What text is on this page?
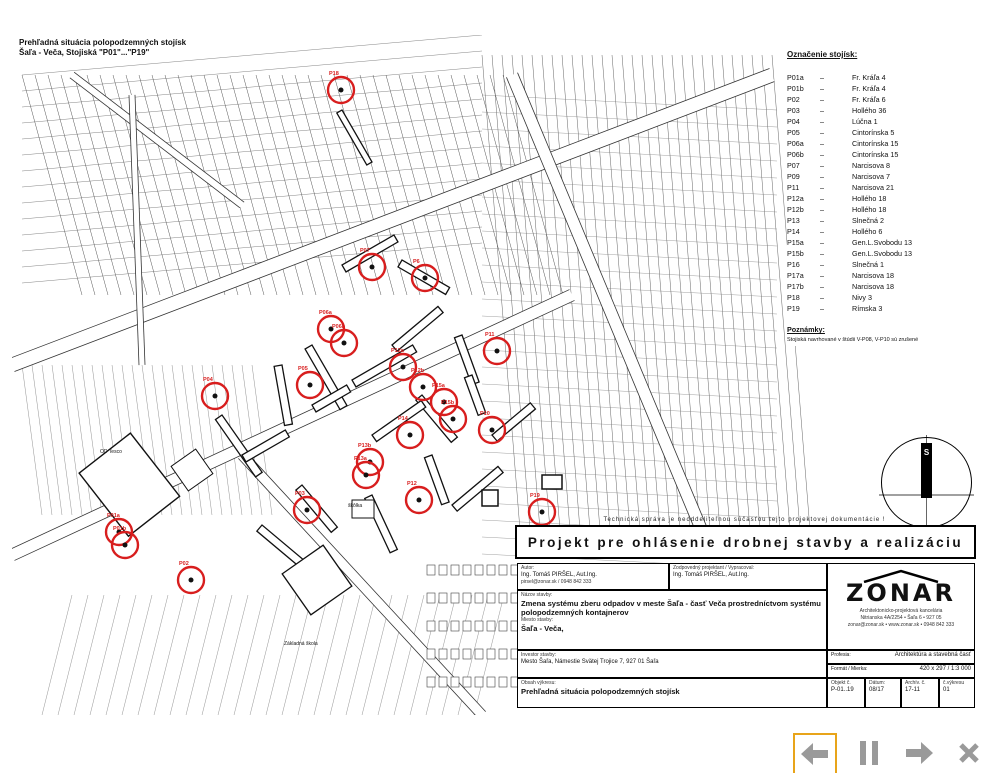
OD Tesco
Základná škola
škôlka
P18
P07
P6
P06a
P06b
P04
P05
P12a
P12b
P15a
P15b
P11
P14
P10
P13b
P13a
P12
P03	P19
P01a
P01b
P02
Prehľadná situácia polopodzemných stojísk
Šaľa - Veča, Stojiská "P01"..."P19"	Označenie stojísk:
P01a	–	Fr. Kráľa 4
P01b	–	Fr. Kráľa 4
P02	–	Fr. Kráľa 6
P03	–	Hollého 36
P04	–	Lúčna 1
P05	–	Cintorínska 5
P06a	–	Cintorínska 15
P06b	–	Cintorínska 15
P07	–	Narcisova 8
P09	–	Narcisova 7
P11	–	Narcisova 21
P12a	–	Hollého 18
P12b	–	Hollého 18
P13	–	Slnečná 2
P14	–	Hollého 6
P15a	–	Gen.L.Svobodu 13
P15b	–	Gen.L.Svobodu 13
P16	–	Slnečná 1
P17a	–	Narcisova 18
P17b	–	Narcisova 18
P18	–	Nivy 3
P19	–	Rímska 3
Poznámky:
Stojiská navrhované v štúdii V-P08, V-P10 sú zrušené
S
Technická správa je neoddeliteľnou súčasťou tejto projektovej dokumentácie !
Projekt pre ohlásenie drobnej stavby a realizáciu
Autor:
Ing. Tomáš PIRŠEL, Aut.Ing.
pirsel@zonar.sk / 0948 842 333
Zodpovedný projektant / Vypracoval:
Ing. Tomáš PIRŠEL, Aut.Ing.
ZONAR
Architektonicko-projektová kancelária
Nitrianska 4A/2254 • Šaľa 6 • 927 05
zonar@zonar.sk • www.zonar.sk • 0948 842 333
Názov stavby:
Zmena systému zberu odpadov v meste Šaľa - časť Veča prostredníctvom systému polopodzemných kontajnerov
Miesto stavby:
Šaľa - Veča,
Investor stavby:
Mesto Šaľa, Námestie Svätej Trojice 7, 927 01 Šaľa
Profesia:	Architektúra a stavebná časť
Formát / Mierka:	420 x 297 / 1:3 000
Obsah výkresu:
Prehľadná situácia polopodzemných stojísk
Objekt č.
P-01..19
Dátum:
08/17
Archív. č.
17-11
č.výkresu
01
